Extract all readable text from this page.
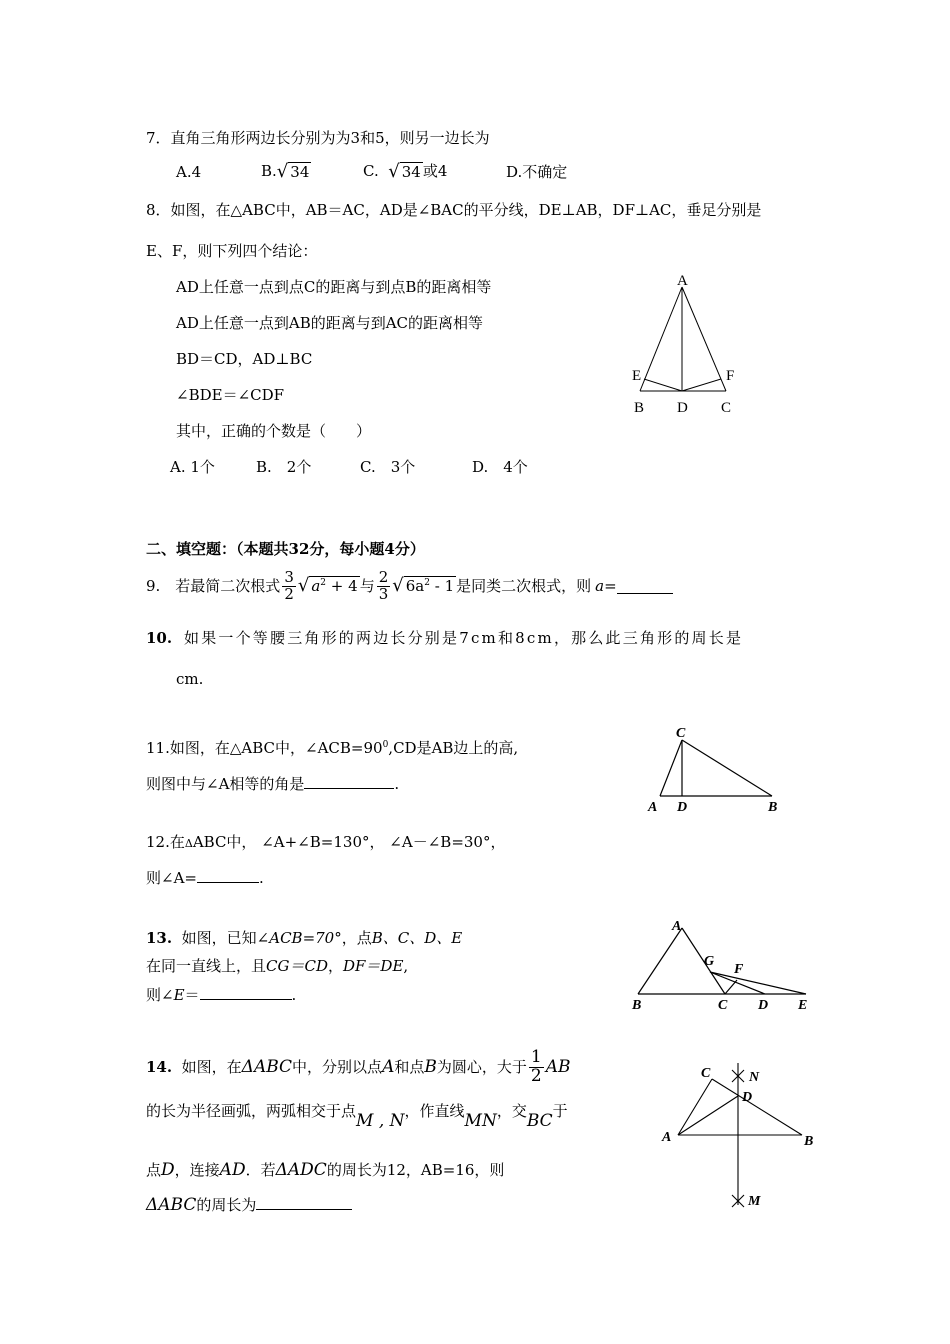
7．直角三角形两边长分别为为3和5，则另一边长为
A.4	B.√ 34	C. √ 34 或4	D.不确定
8．如图，在△ABC中，AB＝AC，AD是∠BAC的平分线，DE⊥AB，DF⊥AC，垂足分别是
E、F，则下列四个结论：
AD上任意一点到点C的距离与到点B的距离相等
AD上任意一点到AB的距离与到AC的距离相等
BD＝CD，AD⊥BC
∠BDE＝∠CDF
其中，正确的个数是（　　）
A. 1个	B.　2个	C.　3个	D.　4个
A
E	F
B D C
二、填空题：（本题共32分，每小题4分）
9.　若最简二次根式 $\frac{3}{2}$ √ $a^2 + 4$ 与 $\frac{2}{3}$ √ $6a^2 - 1$ 是同类二次根式，则 a =
10. 如果一个等腰三角形的两边长分别是7cm和8cm，那么此三角形的周长是
cm.
11.如图，在△ABC中，$\angle ACB=90^0,CD$是AB边上的高,
则图中与∠A相等的角是	.
C
A D	B
12.在ΔABC中， ∠A+∠B=130°， ∠A－∠B=30°，
则∠A=	.
13. 如图，已知∠ACB=70°，点B、C、D、E
在同一直线上，且CG＝CD，DF＝DE,
则∠E＝	.
A
G
F
B	C D E
14.
如图，在 ΔABC 中，分别以点 A 和点 B 为圆心，大于 $\frac{1}{2}$ AB
的长为半径画弧，两弧相交于点M , N，作直线MN，交BC于
点D，连接AD．若ΔADC的周长为12，AB=16，则
ΔABC的周长为
C	N
D
A	B
M
